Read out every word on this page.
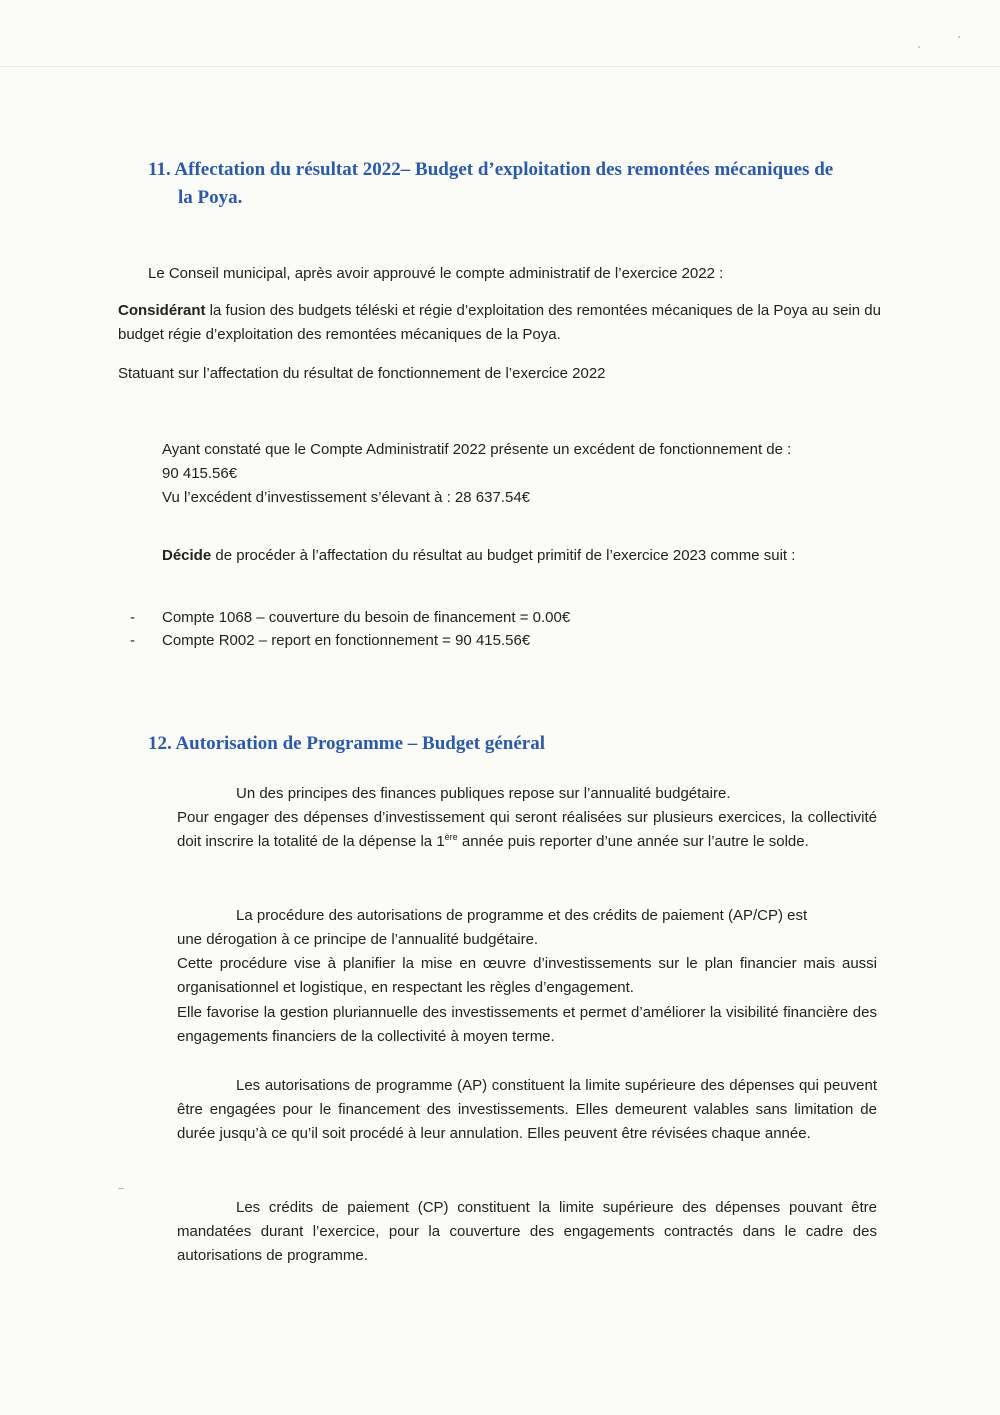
11. Affectation du résultat 2022– Budget d’exploitation des remontées mécaniques de
la Poya.

Le Conseil municipal, après avoir approuvé le compte administratif de l’exercice 2022 :

Considérant la fusion des budgets téléski et régie d’exploitation des remontées mécaniques de la Poya au sein du budget régie d’exploitation des remontées mécaniques de la Poya.

Statuant sur l’affectation du résultat de fonctionnement de l’exercice 2022

Ayant constaté que le Compte Administratif 2022 présente un excédent de fonctionnement de :
90 415.56€
Vu l’excédent d’investissement s’élevant à : 28 637.54€

Décide de procéder à l’affectation du résultat au budget primitif de l’exercice 2023 comme suit :

- Compte 1068 – couverture du besoin de financement = 0.00€
- Compte R002 – report en fonctionnement = 90 415.56€
12. Autorisation de Programme – Budget général

Un des principes des finances publiques repose sur l’annualité budgétaire.

Pour engager des dépenses d’investissement qui seront réalisées sur plusieurs exercices, la collectivité doit inscrire la totalité de la dépense la 1ère année puis reporter d’une année sur l’autre le solde.

La procédure des autorisations de programme et des crédits de paiement (AP/CP) est

une dérogation à ce principe de l’annualité budgétaire.

Cette procédure vise à planifier la mise en œuvre d’investissements sur le plan financier mais aussi organisationnel et logistique, en respectant les règles d’engagement.

Elle favorise la gestion pluriannuelle des investissements et permet d’améliorer la visibilité financière des engagements financiers de la collectivité à moyen terme.

Les autorisations de programme (AP) constituent la limite supérieure des dépenses qui peuvent être engagées pour le financement des investissements. Elles demeurent valables sans limitation de durée jusqu’à ce qu’il soit procédé à leur annulation. Elles peuvent être révisées chaque année.

Les crédits de paiement (CP) constituent la limite supérieure des dépenses pouvant être mandatées durant l’exercice, pour la couverture des engagements contractés dans le cadre des autorisations de programme.
